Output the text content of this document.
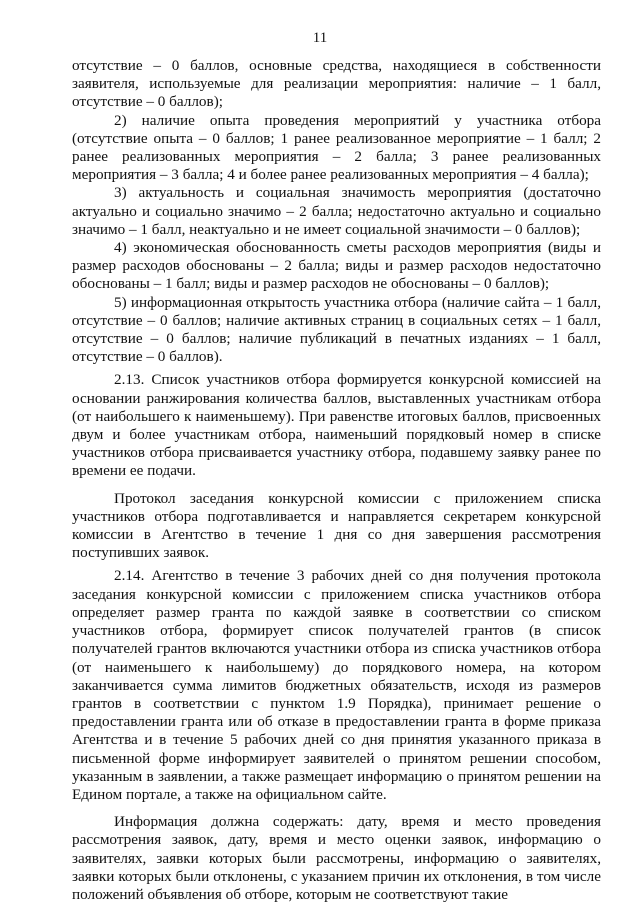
11

отсутствие – 0 баллов, основные средства, находящиеся в собственности заявителя, используемые для реализации мероприятия: наличие – 1 балл, отсутствие – 0 баллов);

2) наличие опыта проведения мероприятий у участника отбора (отсутствие опыта – 0 баллов; 1 ранее реализованное мероприятие – 1 балл; 2 ранее реализованных мероприятия – 2 балла; 3 ранее реализованных мероприятия – 3 балла; 4 и более ранее реализованных мероприятия – 4 балла);

3) актуальность и социальная значимость мероприятия (достаточно актуально и социально значимо – 2 балла; недостаточно актуально и социально значимо – 1 балл, неактуально и не имеет социальной значимости – 0 баллов);

4) экономическая обоснованность сметы расходов мероприятия (виды и размер расходов обоснованы – 2 балла; виды и размер расходов недостаточно обоснованы – 1 балл; виды и размер расходов не обоснованы – 0 баллов);

5) информационная открытость участника отбора (наличие сайта – 1 балл, отсутствие – 0 баллов; наличие активных страниц в социальных сетях – 1 балл, отсутствие – 0 баллов; наличие публикаций в печатных изданиях – 1 балл, отсутствие – 0 баллов).

2.13. Список участников отбора формируется конкурсной комиссией на основании ранжирования количества баллов, выставленных участникам отбора (от наибольшего к наименьшему). При равенстве итоговых баллов, присвоенных двум и более участникам отбора, наименьший порядковый номер в списке участников отбора присваивается участнику отбора, подавшему заявку ранее по времени ее подачи.

Протокол заседания конкурсной комиссии с приложением списка участников отбора подготавливается и направляется секретарем конкурсной комиссии в Агентство в течение 1 дня со дня завершения рассмотрения поступивших заявок.

2.14. Агентство в течение 3 рабочих дней со дня получения протокола заседания конкурсной комиссии с приложением списка участников отбора определяет размер гранта по каждой заявке в соответствии со списком участников отбора, формирует список получателей грантов (в список получателей грантов включаются участники отбора из списка участников отбора (от наименьшего к наибольшему) до порядкового номера, на котором заканчивается сумма лимитов бюджетных обязательств, исходя из размеров грантов в соответствии с пунктом 1.9 Порядка), принимает решение о предоставлении гранта или об отказе в предоставлении гранта в форме приказа Агентства и в течение 5 рабочих дней со дня принятия указанного приказа в письменной форме информирует заявителей о принятом решении способом, указанным в заявлении, а также размещает информацию о принятом решении на Едином портале, а также на официальном сайте.

Информация должна содержать: дату, время и место проведения рассмотрения заявок, дату, время и место оценки заявок, информацию о заявителях, заявки которых были рассмотрены, информацию о заявителях, заявки которых были отклонены, с указанием причин их отклонения, в том числе положений объявления об отборе, которым не соответствуют такие
